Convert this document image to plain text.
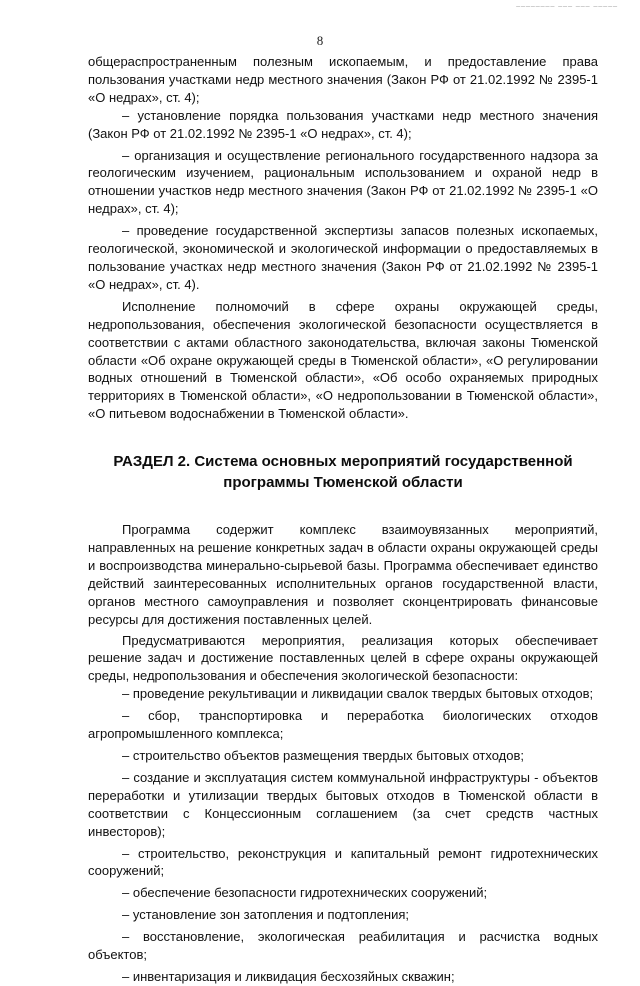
________ ___ ___ _____
8

общераспространенным полезным ископаемым, и предоставление права пользования участками недр местного значения (Закон РФ от 21.02.1992 № 2395-1 «О недрах», ст. 4);

– установление порядка пользования участками недр местного значения (Закон РФ от 21.02.1992 № 2395-1 «О недрах», ст. 4);

– организация и осуществление регионального государственного надзора за геологическим изучением, рациональным использованием и охраной недр в отношении участков недр местного значения (Закон РФ от 21.02.1992 № 2395-1 «О недрах», ст. 4);

– проведение государственной экспертизы запасов полезных ископаемых, геологической, экономической и экологической информации о предоставляемых в пользование участках недр местного значения (Закон РФ от 21.02.1992 № 2395-1 «О недрах», ст. 4).

Исполнение полномочий в сфере охраны окружающей среды, недропользования, обеспечения экологической безопасности осуществляется в соответствии с актами областного законодательства, включая законы Тюменской области «Об охране окружающей среды в Тюменской области», «О регулировании водных отношений в Тюменской области», «Об особо охраняемых природных территориях в Тюменской области», «О недропользовании в Тюменской области», «О питьевом водоснабжении в Тюменской области».

РАЗДЕЛ 2. Система основных мероприятий государственной программы Тюменской области

Программа содержит комплекс взаимоувязанных мероприятий, направленных на решение конкретных задач в области охраны окружающей среды и воспроизводства минерально-сырьевой базы. Программа обеспечивает единство действий заинтересованных исполнительных органов государственной власти, органов местного самоуправления и позволяет сконцентрировать финансовые ресурсы для достижения поставленных целей.

Предусматриваются мероприятия, реализация которых обеспечивает решение задач и достижение поставленных целей в сфере охраны окружающей среды, недропользования и обеспечения экологической безопасности:

– проведение рекультивации и ликвидации свалок твердых бытовых отходов;

– сбор, транспортировка и переработка биологических отходов агропромышленного комплекса;

– строительство объектов размещения твердых бытовых отходов;

– создание и эксплуатация систем коммунальной инфраструктуры - объектов переработки и утилизации твердых бытовых отходов в Тюменской области в соответствии с Концессионным соглашением (за счет средств частных инвесторов);

– строительство, реконструкция и капитальный ремонт гидротехнических сооружений;

– обеспечение безопасности гидротехнических сооружений;

– установление зон затопления и подтопления;

– восстановление, экологическая реабилитация и расчистка водных объектов;

– инвентаризация и ликвидация бесхозяйных скважин;
